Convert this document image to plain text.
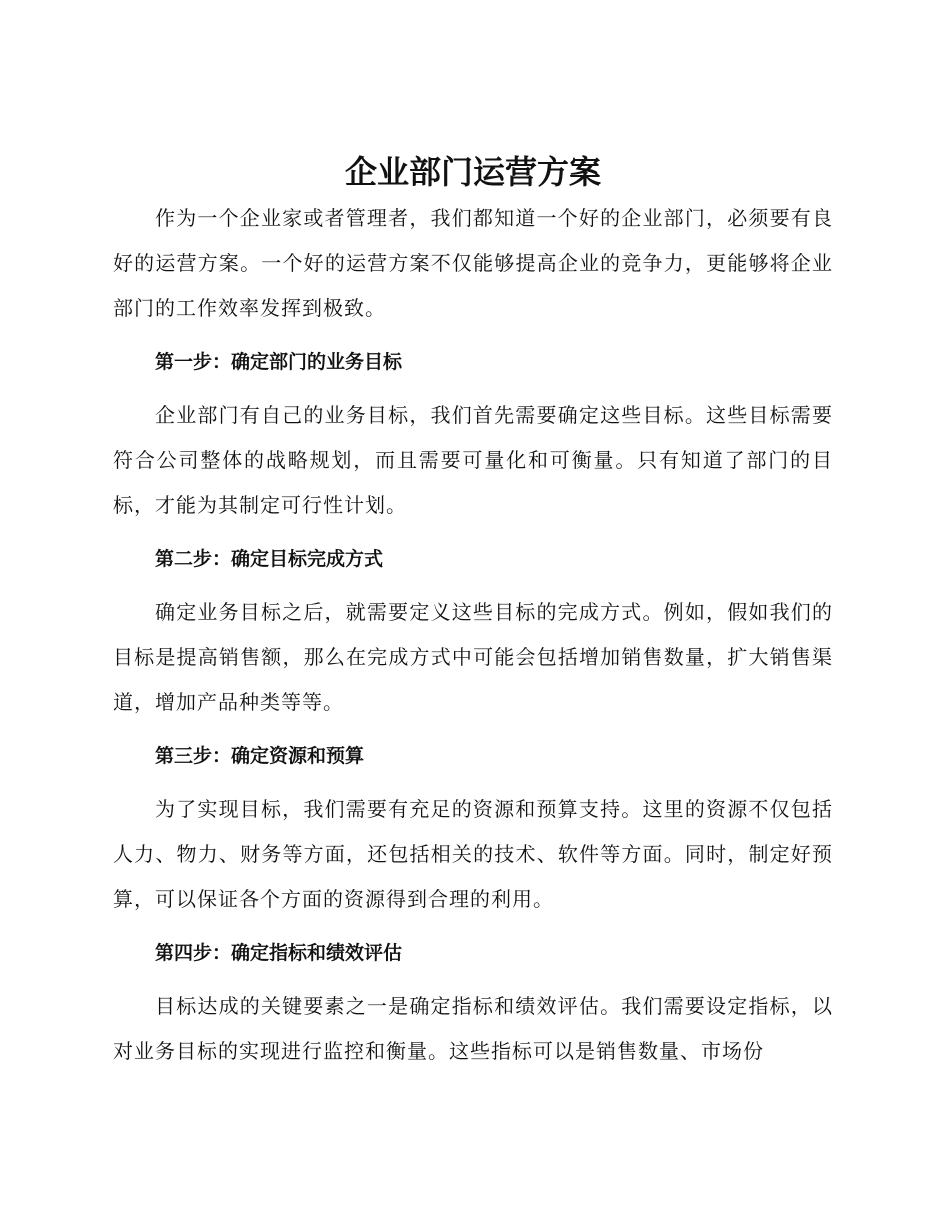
企业部门运营方案

作为一个企业家或者管理者，我们都知道一个好的企业部门，必须要有良好的运营方案。一个好的运营方案不仅能够提高企业的竞争力，更能够将企业部门的工作效率发挥到极致。

第一步：确定部门的业务目标

企业部门有自己的业务目标，我们首先需要确定这些目标。这些目标需要符合公司整体的战略规划，而且需要可量化和可衡量。只有知道了部门的目标，才能为其制定可行性计划。

第二步：确定目标完成方式

确定业务目标之后，就需要定义这些目标的完成方式。例如，假如我们的目标是提高销售额，那么在完成方式中可能会包括增加销售数量，扩大销售渠道，增加产品种类等等。

第三步：确定资源和预算

为了实现目标，我们需要有充足的资源和预算支持。这里的资源不仅包括人力、物力、财务等方面，还包括相关的技术、软件等方面。同时，制定好预算，可以保证各个方面的资源得到合理的利用。

第四步：确定指标和绩效评估

目标达成的关键要素之一是确定指标和绩效评估。我们需要设定指标，以对业务目标的实现进行监控和衡量。这些指标可以是销售数量、市场份
